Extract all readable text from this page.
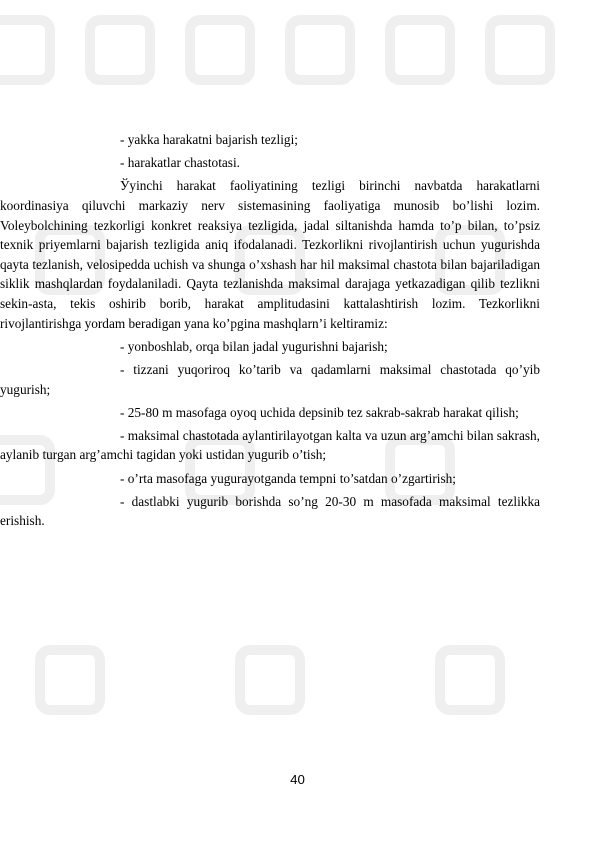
- yakka harakatni bajarish tezligi;

- harakatlar chastotasi.

Ўyinchi harakat faoliyatining tezligi birinchi navbatda harakatlarni koordinasiya qiluvchi markaziy nerv sistemasining faoliyatiga munosib bo’lishi lozim. Voleybolchining tezkorligi konkret reaksiya tezligida, jadal siltanishda hamda to’p bilan, to’psiz texnik priyemlarni bajarish tezligida aniq ifodalanadi. Tezkorlikni rivojlantirish uchun yugurishda qayta tezlanish, velosipedda uchish va shunga o’xshash har hil maksimal chastota bilan bajariladigan siklik mashqlardan foydalaniladi. Qayta tezlanishda maksimal darajaga yetkazadigan qilib tezlikni sekin-asta, tekis oshirib borib, harakat amplitudasini kattalashtirish lozim. Tezkorlikni rivojlantirishga yordam beradigan yana ko’pgina mashqlarn’i keltiramiz:

- yonboshlab, orqa bilan jadal yugurishni bajarish;

- tizzani yuqoriroq ko’tarib va qadamlarni maksimal chastotada qo’yib yugurish;

- 25-80 m masofaga oyoq uchida depsinib tez sakrab-sakrab harakat qilish;

- maksimal chastotada aylantirilayotgan kalta va uzun arg’amchi bilan sakrash, aylanib turgan arg’amchi tagidan yoki ustidan yugurib o’tish;

- o’rta masofaga yugurayotganda tempni to’satdan o’zgartirish;

- dastlabki yugurib borishda so’ng 20-30 m masofada maksimal tezlikka erishish.

40
